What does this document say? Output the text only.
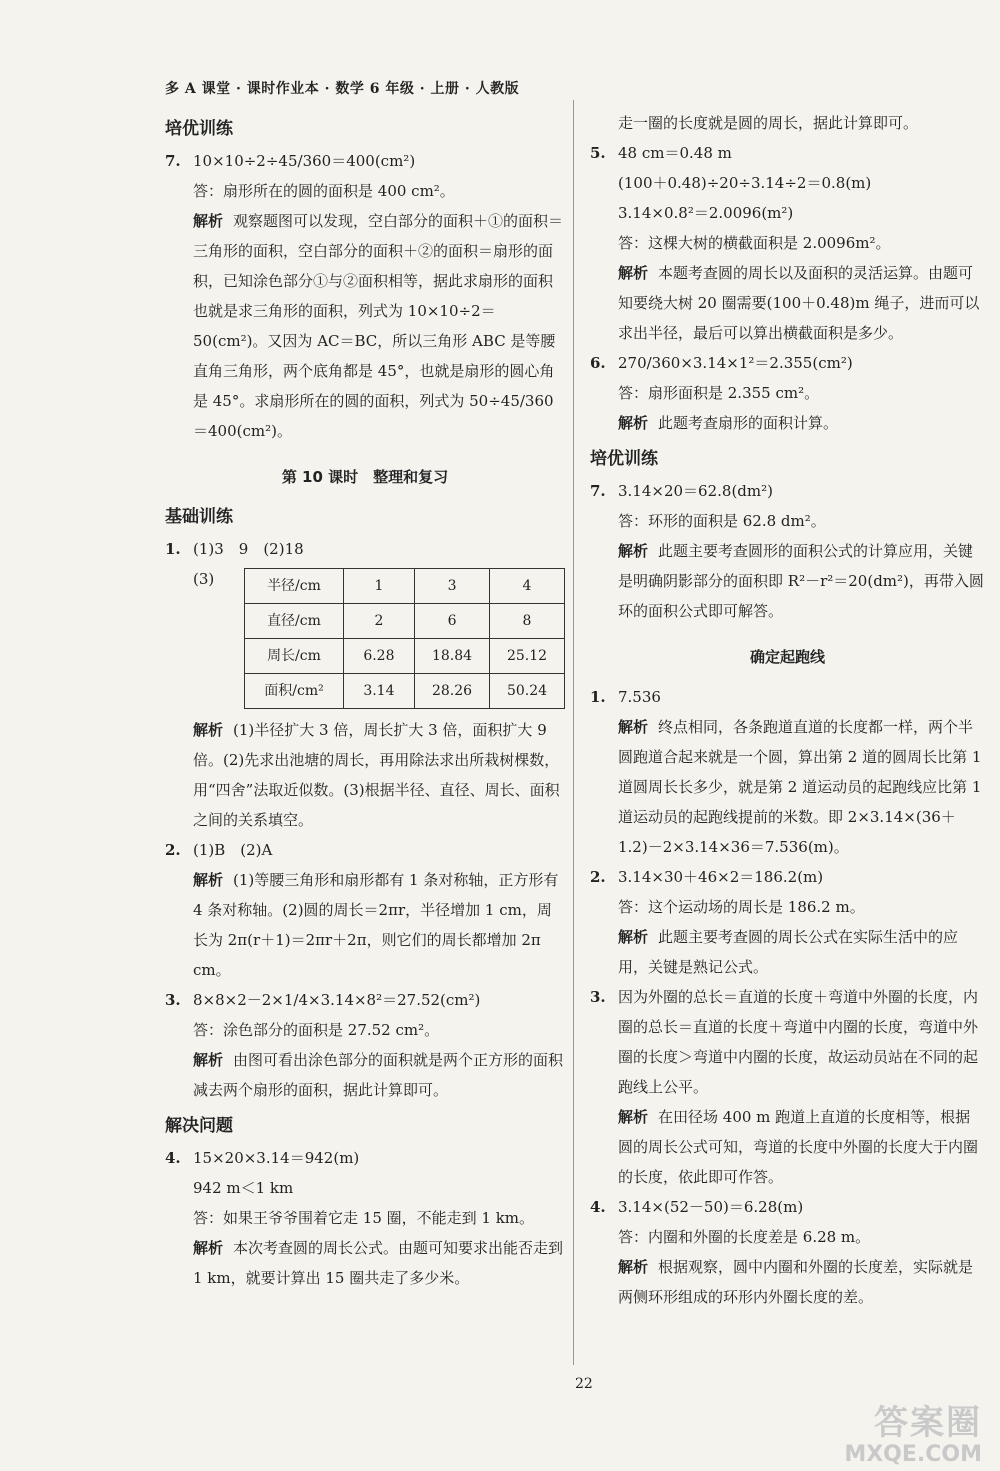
多 A 课堂 · 课时作业本 · 数学 6 年级 · 上册 · 人教版
培优训练
7. 10×10÷2÷45/360＝400(cm²)

答：扇形所在的圆的面积是 400 cm²。

解析 观察题图可以发现，空白部分的面积＋①的面积＝三角形的面积，空白部分的面积＋②的面积＝扇形的面积，已知涂色部分①与②面积相等，据此求扇形的面积也就是求三角形的面积，列式为 10×10÷2＝50(cm²)。又因为 AC＝BC，所以三角形 ABC 是等腰直角三角形，两个底角都是 45°，也就是扇形的圆心角是 45°。求扇形所在的圆的面积，列式为 50÷45/360＝400(cm²)。

第 10 课时　整理和复习
基础训练
1. (1)3　9　(2)18
(3)	半径/cm	1	3	4
直径/cm	2	6	8
周长/cm	6.28	18.84	25.12
面积/cm²	3.14	28.26	50.24

解析 (1)半径扩大 3 倍，周长扩大 3 倍，面积扩大 9 倍。(2)先求出池塘的周长，再用除法求出所栽树棵数，用“四舍”法取近似数。(3)根据半径、直径、周长、面积之间的关系填空。

2. (1)B　(2)A

解析 (1)等腰三角形和扇形都有 1 条对称轴，正方形有 4 条对称轴。(2)圆的周长＝2πr，半径增加 1 cm，周长为 2π(r＋1)＝2πr＋2π，则它们的周长都增加 2π cm。

3. 8×8×2－2×1/4×3.14×8²＝27.52(cm²)

答：涂色部分的面积是 27.52 cm²。

解析 由图可看出涂色部分的面积就是两个正方形的面积减去两个扇形的面积，据此计算即可。

解决问题
4. 15×20×3.14＝942(m)

942 m＜1 km

答：如果王爷爷围着它走 15 圈，不能走到 1 km。

解析 本次考查圆的周长公式。由题可知要求出能否走到 1 km，就要计算出 15 圈共走了多少米。

走一圈的长度就是圆的周长，据此计算即可。

5. 48 cm＝0.48 m

(100＋0.48)÷20÷3.14÷2＝0.8(m)

3.14×0.8²＝2.0096(m²)

答：这棵大树的横截面积是 2.0096m²。

解析 本题考查圆的周长以及面积的灵活运算。由题可知要绕大树 20 圈需要(100＋0.48)m 绳子，进而可以求出半径，最后可以算出横截面积是多少。

6. 270/360×3.14×1²＝2.355(cm²)

答：扇形面积是 2.355 cm²。

解析 此题考查扇形的面积计算。

培优训练
7. 3.14×20＝62.8(dm²)

答：环形的面积是 62.8 dm²。

解析 此题主要考查圆形的面积公式的计算应用，关键是明确阴影部分的面积即 R²－r²＝20(dm²)，再带入圆环的面积公式即可解答。

确定起跑线
1. 7.536

解析 终点相同，各条跑道直道的长度都一样，两个半圆跑道合起来就是一个圆，算出第 2 道的圆周长比第 1 道圆周长长多少，就是第 2 道运动员的起跑线应比第 1 道运动员的起跑线提前的米数。即 2×3.14×(36＋1.2)－2×3.14×36＝7.536(m)。

2. 3.14×30＋46×2＝186.2(m)

答：这个运动场的周长是 186.2 m。

解析 此题主要考查圆的周长公式在实际生活中的应用，关键是熟记公式。

3. 因为外圈的总长＝直道的长度＋弯道中外圈的长度，内圈的总长＝直道的长度＋弯道中内圈的长度，弯道中外圈的长度＞弯道中内圈的长度，故运动员站在不同的起跑线上公平。

解析 在田径场 400 m 跑道上直道的长度相等，根据圆的周长公式可知，弯道的长度中外圈的长度大于内圈的长度，依此即可作答。

4. 3.14×(52－50)＝6.28(m)

答：内圈和外圈的长度差是 6.28 m。

解析 根据观察，圆中内圈和外圈的长度差，实际就是两侧环形组成的环形内外圈长度的差。

22
答案圈
MXQE.COM
